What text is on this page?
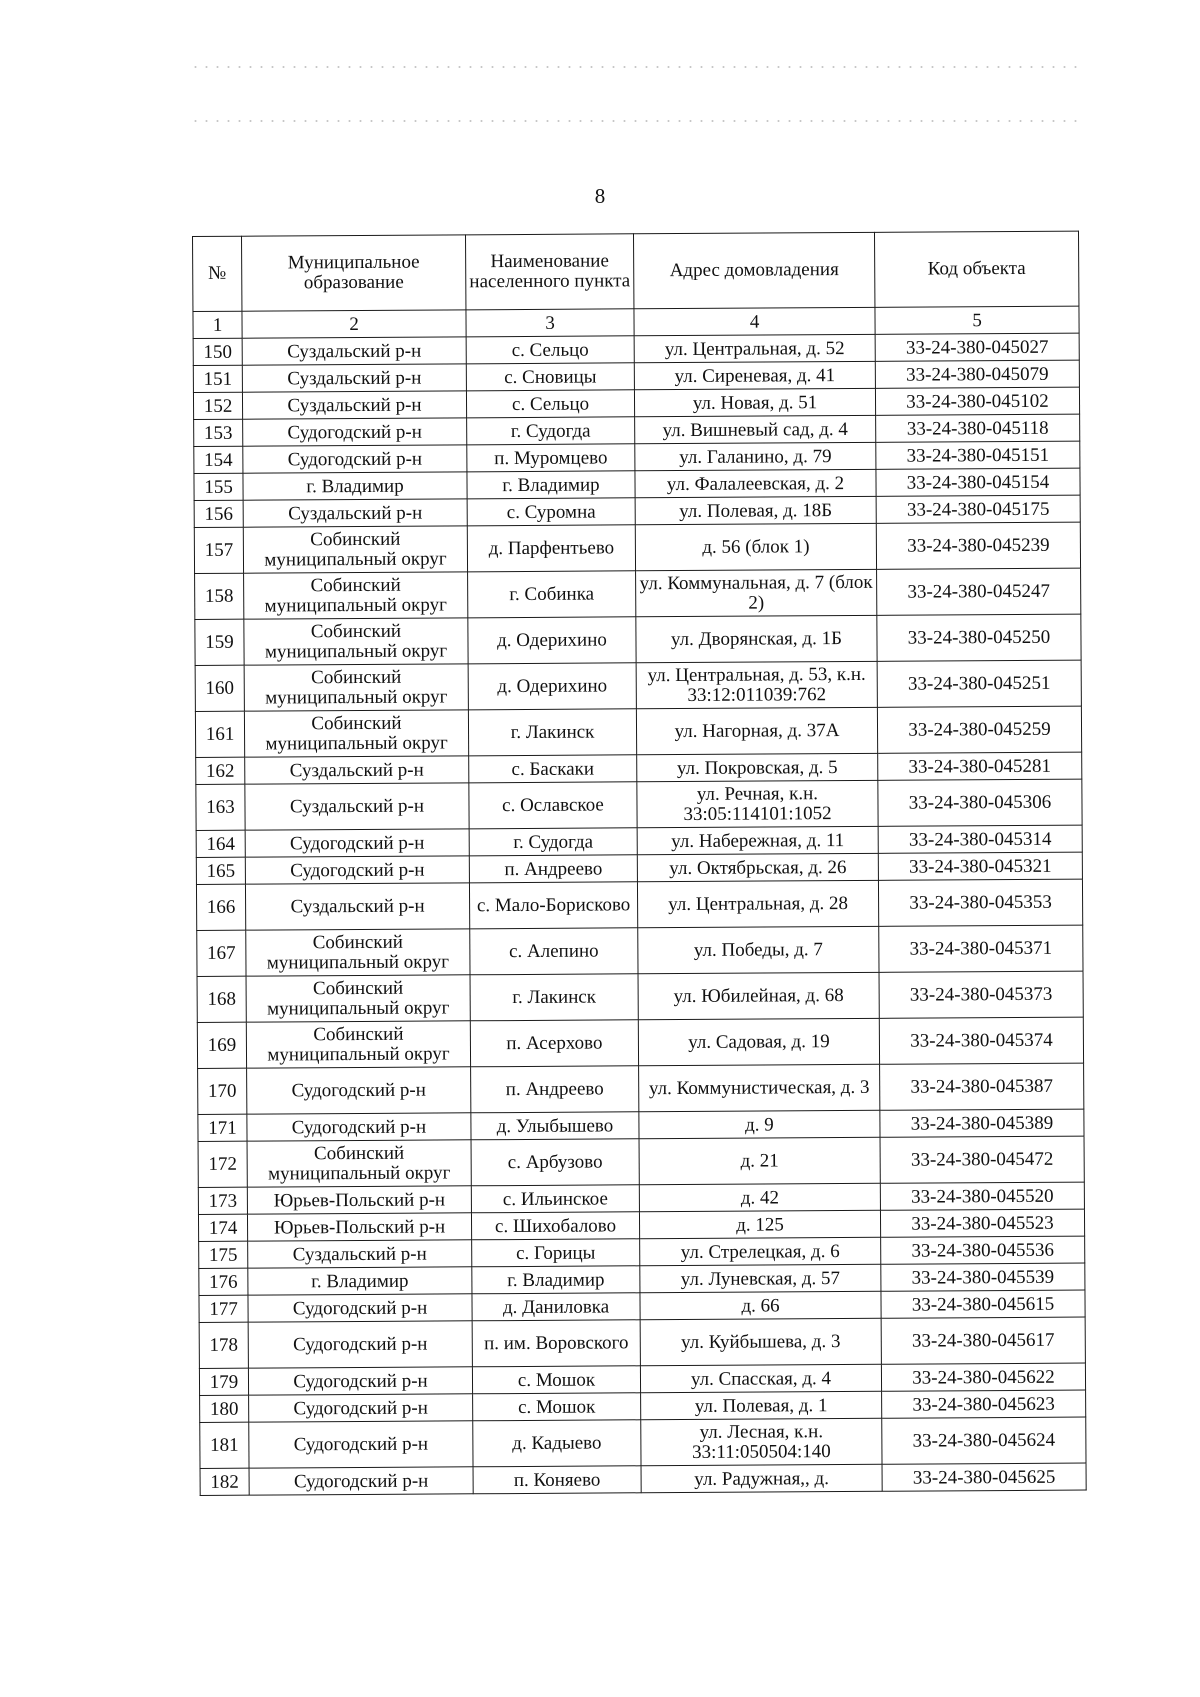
8
№	Муниципальное образование	Наименование населенного пункта	Адрес домовладения	Код объекта
1	2	3	4	5
150	Суздальский р-н	с. Сельцо	ул. Центральная, д. 52	33-24-380-045027
151	Суздальский р-н	с. Сновицы	ул. Сиреневая, д. 41	33-24-380-045079
152	Суздальский р-н	с. Сельцо	ул. Новая, д. 51	33-24-380-045102
153	Судогодский р-н	г. Судогда	ул. Вишневый сад, д. 4	33-24-380-045118
154	Судогодский р-н	п. Муромцево	ул. Галанино, д. 79	33-24-380-045151
155	г. Владимир	г. Владимир	ул. Фалалеевская, д. 2	33-24-380-045154
156	Суздальский р-н	с. Суромна	ул. Полевая, д. 18Б	33-24-380-045175
157	Собинский муниципальный округ	д. Парфентьево	д. 56 (блок 1)	33-24-380-045239
158	Собинский муниципальный округ	г. Собинка	ул. Коммунальная, д. 7 (блок 2)	33-24-380-045247
159	Собинский муниципальный округ	д. Одерихино	ул. Дворянская, д. 1Б	33-24-380-045250
160	Собинский муниципальный округ	д. Одерихино	ул. Центральная, д. 53, к.н. 33:12:011039:762	33-24-380-045251
161	Собинский муниципальный округ	г. Лакинск	ул. Нагорная, д. 37А	33-24-380-045259
162	Суздальский р-н	с. Баскаки	ул. Покровская, д. 5	33-24-380-045281
163	Суздальский р-н	с. Ославское	ул. Речная, к.н. 33:05:114101:1052	33-24-380-045306
164	Судогодский р-н	г. Судогда	ул. Набережная, д. 11	33-24-380-045314
165	Судогодский р-н	п. Андреево	ул. Октябрьская, д. 26	33-24-380-045321
166	Суздальский р-н	с. Мало-Борисково	ул. Центральная, д. 28	33-24-380-045353
167	Собинский муниципальный округ	с. Алепино	ул. Победы, д. 7	33-24-380-045371
168	Собинский муниципальный округ	г. Лакинск	ул. Юбилейная, д. 68	33-24-380-045373
169	Собинский муниципальный округ	п. Асерхово	ул. Садовая, д. 19	33-24-380-045374
170	Судогодский р-н	п. Андреево	ул. Коммунистическая, д. 3	33-24-380-045387
171	Судогодский р-н	д. Улыбышево	д. 9	33-24-380-045389
172	Собинский муниципальный округ	с. Арбузово	д. 21	33-24-380-045472
173	Юрьев-Польский р-н	с. Ильинское	д. 42	33-24-380-045520
174	Юрьев-Польский р-н	с. Шихобалово	д. 125	33-24-380-045523
175	Суздальский р-н	с. Горицы	ул. Стрелецкая, д. 6	33-24-380-045536
176	г. Владимир	г. Владимир	ул. Луневская, д. 57	33-24-380-045539
177	Судогодский р-н	д. Даниловка	д. 66	33-24-380-045615
178	Судогодский р-н	п. им. Воровского	ул. Куйбышева, д. 3	33-24-380-045617
179	Судогодский р-н	с. Мошок	ул. Спасская, д. 4	33-24-380-045622
180	Судогодский р-н	с. Мошок	ул. Полевая, д. 1	33-24-380-045623
181	Судогодский р-н	д. Кадыево	ул. Лесная, к.н. 33:11:050504:140	33-24-380-045624
182	Судогодский р-н	п. Коняево	ул. Радужная,, д.	33-24-380-045625
